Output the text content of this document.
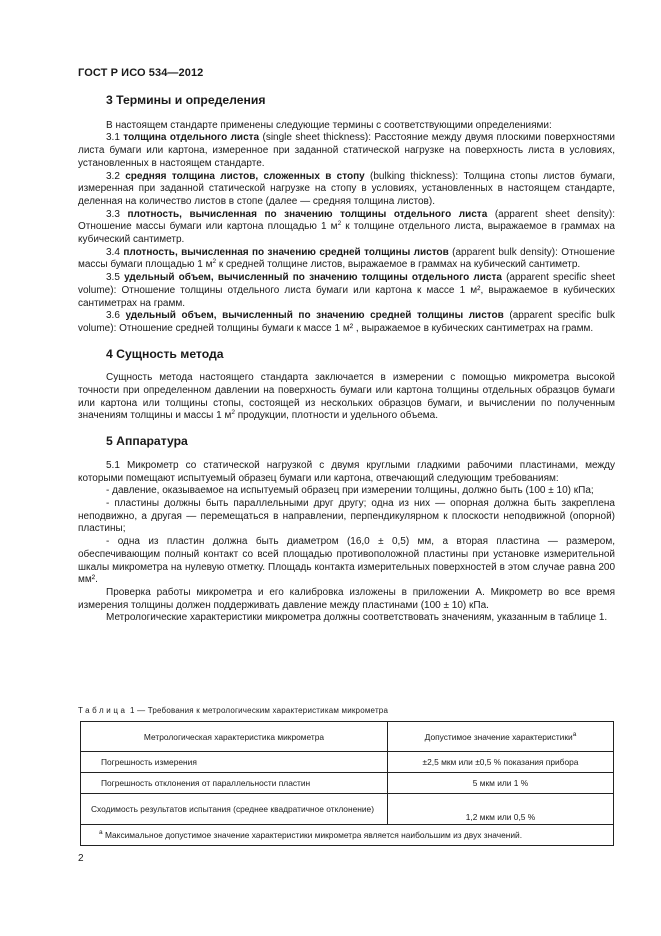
ГОСТ Р ИСО 534—2012
3 Термины и определения

В настоящем стандарте применены следующие термины с соответствующими определениями:

3.1 толщина отдельного листа (single sheet thickness): Расстояние между двумя плоскими поверхностями листа бумаги или картона, измеренное при заданной статической нагрузке на поверхность листа в условиях, установленных в настоящем стандарте.

3.2 средняя толщина листов, сложенных в стопу (bulking thickness): Толщина стопы листов бумаги, измеренная при заданной статической нагрузке на стопу в условиях, установленных в настоящем стандарте, деленная на количество листов в стопе (далее — средняя толщина листов).

3.3 плотность, вычисленная по значению толщины отдельного листа (apparent sheet density): Отношение массы бумаги или картона площадью 1 $м^2$ к толщине отдельного листа, выражаемое в граммах на кубический сантиметр.

3.4 плотность, вычисленная по значению средней толщины листов (apparent bulk density): Отношение массы бумаги площадью 1 $м^2$ к средней толщине листов, выражаемое в граммах на кубический сантиметр.

3.5 удельный объем, вычисленный по значению толщины отдельного листа (apparent specific sheet volume): Отношение толщины отдельного листа бумаги или картона к массе 1 м², выражаемое в кубических сантиметрах на грамм.

3.6 удельный объем, вычисленный по значению средней толщины листов (apparent specific bulk volume): Отношение средней толщины бумаги к массе 1 м² , выражаемое в кубических сантиметрах на грамм.

4 Сущность метода

Сущность метода настоящего стандарта заключается в измерении с помощью микрометра высокой точности при определенном давлении на поверхность бумаги или картона толщины отдельных образцов бумаги или картона или толщины стопы, состоящей из нескольких образцов бумаги, и вычислении по полученным значениям толщины и массы 1 $м^2$ продукции, плотности и удельного объема.

5 Аппаратура

5.1 Микрометр со статической нагрузкой с двумя круглыми гладкими рабочими пластинами, между которыми помещают испытуемый образец бумаги или картона, отвечающий следующим требованиям:

- давление, оказываемое на испытуемый образец при измерении толщины, должно быть (100 ± 10) кПа;

- пластины должны быть параллельными друг другу; одна из них — опорная должна быть закреплена неподвижно, а другая — перемещаться в направлении, перпендикулярном к плоскости неподвижной (опорной) пластины;

- одна из пластин должна быть диаметром (16,0 ± 0,5) мм, а вторая пластина — размером, обеспечивающим полный контакт со всей площадью противоположной пластины при установке измерительной шкалы микрометра на нулевую отметку. Площадь контакта измерительных поверхностей в этом случае равна 200 мм².

Проверка работы микрометра и его калибровка изложены в приложении А. Микрометр во все время измерения толщины должен поддерживать давление между пластинами (100 ± 10) кПа.

Метрологические характеристики микрометра должны соответствовать значениям, указанным в таблице 1.

Таблица 1 — Требования к метрологическим характеристикам микрометра
Метрологическая характеристика микрометра	Допустимое значение характеристики$^а$
Погрешность измерения	±2,5 мкм или ±0,5 % показания прибора
Погрешность отклонения от параллельности пластин	5 мкм или 1 %
Сходимость результатов испытания (среднее квадратичное отклонение)	1,2 мкм или 0,5 %
$^а$ Максимальное допустимое значение характеристики микрометра является наибольшим из двух значений.	
2
